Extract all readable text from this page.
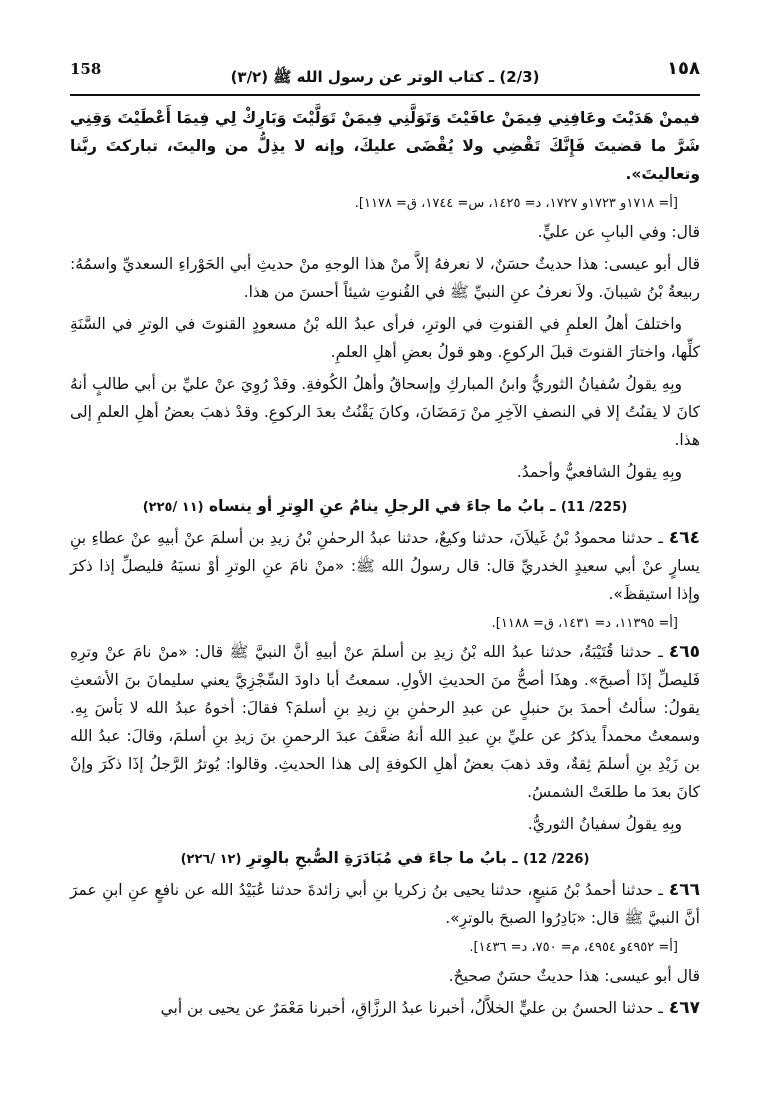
158	(2/3) ـ كتاب الوتر عن رسول الله ﷺ (٣/٢)	١٥٨

فيمنْ هَدَيْتَ وعَافِنِي فِيمَنْ عافَيْتَ وَتَوَلَّنِي فِيمَنْ تَوَلَّيْتَ وَبَارِكْ لِي فِيمَا أَعْطَيْتَ وَقِنِي شَرَّ ما قضيتَ فَإِنَّكَ تَقْضِي ولا يُقْضَى عليكَ، وإنه لا يذِلُّ من واليتَ، تباركتَ ربَّنا وتعاليتَ».

[أ= ١٧١٨و ١٧٢٣و ١٧٢٧، د= ١٤٢٥، س= ١٧٤٤، ق= ١١٧٨].

قال: وفي البابِ عن عليٍّ.

قال أبو عيسى: هذا حديثٌ حسَنٌ، لا نعرفهُ إلاَّ منْ هذا الوجهِ منْ حديثِ أبي الحَوْراءِ السعديِّ واسمُهُ: ربيعةُ بْنُ شيبانَ. ولاَ نعرفُ عنِ النبيِّ ﷺ في القُنوتِ شيئاً أحسنَ من هذا.

واختلفَ أهلُ العلمِ في القنوتِ في الوترِ، فرأى عبدُ الله بْنُ مسعودٍ القنوتَ في الوترِ في السَّنَةِ كلِّها، واختارَ القنوتَ قبلَ الركوعِ. وهو قولُ بعضِ أهلِ العلمِ.

وبِهِ يقولُ سُفيانُ الثوريُّ وابنُ المباركِ وإسحاقُ وأهلُ الكُوفةِ. وقدْ رُوِيَ عنْ عليِّ بن أبي طالبٍ أنهُ كانَ لا يقنُتُ إلا في النصفِ الآخِرِ منْ رَمَضَانَ، وكانَ يَقْنُتُ بعدَ الركوعِ. وقدْ ذهبَ بعضُ أهلِ العلمِ إلى هذا.

وبِهِ يقولُ الشافعيُّ وأحمدُ.

(225/ 11) ـ بابُ ما جاءَ في الرجلِ ينامُ عنِ الوِترِ أو ينساه (١١ /٢٢٥)

٤٦٤ـ حدثنا محمودُ بْنُ غَيلاَنَ، حدثنا وكيعٌ، حدثنا عبدُ الرحمٰنِ بْنُ زيدِ بن أسلمَ عنْ أبيهِ عنْ عطاءِ بنِ يسارٍ عنْ أبي سعيدٍ الخدريِّ قال: قال رسولُ الله ﷺ: «منْ نامَ عنِ الوترِ أوْ نسيَهُ فليصلِّ إذا ذكرَ وإذا استيقظَ».

[أ= ١١٣٩٥، د= ١٤٣١، ق= ١١٨٨].

٤٦٥ـ حدثنا قُتَيْبَةُ، حدثنا عبدُ الله بْنُ زيدِ بن أسلمَ عنْ أبيهِ أنَّ النبيَّ ﷺ قال: «منْ نامَ عنْ وترِهِ فَليصلِّ إذَا أصبحَ». وهذَا أصحُّ منَ الحديثِ الأولِ. سمعتُ أبا داودَ السِّجْزِيَّ يعني سليمانَ بنَ الأشعثِ يقولُ: سألتُ أحمدَ بنَ حنبلٍ عن عبدِ الرحمٰنِ بنِ زيدِ بنِ أسلمَ؟ فقالَ: أخوهُ عبدُ الله لا بَأسَ بِهِ. وسمعتُ محمداً يذكرُ عن عليِّ بنِ عبدِ الله أنهُ ضعَّفَ عبدَ الرحمنِ بنَ زيدِ بنِ أسلمَ، وقالَ: عبدُ الله بن زَيْدِ بنِ أسلمَ ثِقةٌ، وقد ذهبَ بعضُ أهلِ الكوفةِ إلى هذا الحديثِ. وقالوا: يُوترُ الرَّجلُ إذَا ذكَرَ وإنْ كانَ بعدَ ما طلعَتْ الشمسُ.

وبِهِ يقولُ سفيانُ الثوريُّ.

(226/ 12) ـ بابُ ما جاءَ في مُبَادَرَةِ الصُّبحِ بالوِترِ (١٢ /٢٢٦)

٤٦٦ـ حدثنا أحمدُ بْنُ مَنيعٍ، حدثنا يحيى بنُ زكريا بنِ أبي زائدةَ حدثنا عُبَيْدُ الله عن نافعٍ عنِ ابنِ عمرَ أنَّ النبيَّ ﷺ قال: «بَادِرُوا الصبحَ بالوترِ».

[أ= ٤٩٥٢و ٤٩٥٤، م= ٧٥٠، د= ١٤٣٦].

قال أبو عيسى: هذا حديثٌ حسَنٌ صحيحٌ.

٤٦٧ـ حدثنا الحسنُ بن عليٍّ الخلاَّلُ، أخبرنا عبدُ الرزَّاقِ، أخبرنا مَعْمَرٌ عن يحيى بن أبي
